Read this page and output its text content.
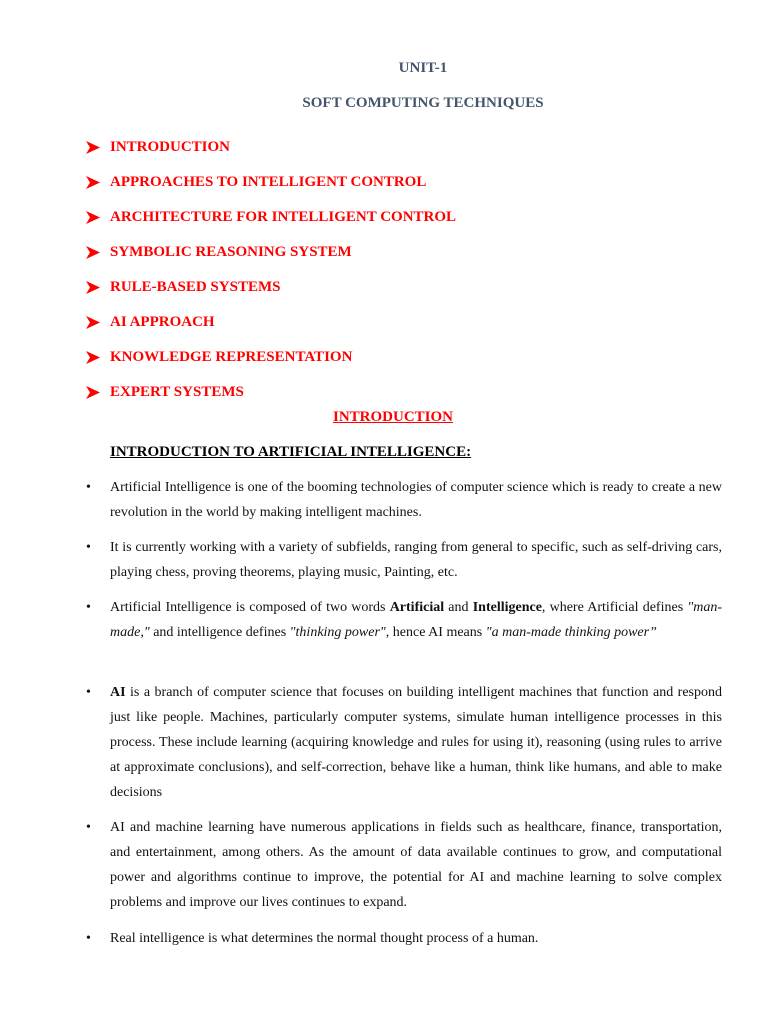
UNIT-1
SOFT COMPUTING TECHNIQUES
INTRODUCTION
APPROACHES TO INTELLIGENT CONTROL
ARCHITECTURE FOR INTELLIGENT CONTROL
SYMBOLIC REASONING SYSTEM
RULE-BASED SYSTEMS
AI APPROACH
KNOWLEDGE REPRESENTATION
EXPERT SYSTEMS
INTRODUCTION
INTRODUCTION TO ARTIFICIAL INTELLIGENCE:
• Artificial Intelligence is one of the booming technologies of computer science which is ready to create a new revolution in the world by making intelligent machines.
• It is currently working with a variety of subfields, ranging from general to specific, such as self-driving cars, playing chess, proving theorems, playing music, Painting, etc.
• Artificial Intelligence is composed of two words Artificial and Intelligence, where Artificial defines "man-made," and intelligence defines "thinking power", hence AI means "a man-made thinking power”
• AI is a branch of computer science that focuses on building intelligent machines that function and respond just like people. Machines, particularly computer systems, simulate human intelligence processes in this process. These include learning (acquiring knowledge and rules for using it), reasoning (using rules to arrive at approximate conclusions), and self-correction, behave like a human, think like humans, and able to make decisions
• AI and machine learning have numerous applications in fields such as healthcare, finance, transportation, and entertainment, among others. As the amount of data available continues to grow, and computational power and algorithms continue to improve, the potential for AI and machine learning to solve complex problems and improve our lives continues to expand.
• Real intelligence is what determines the normal thought process of a human.
